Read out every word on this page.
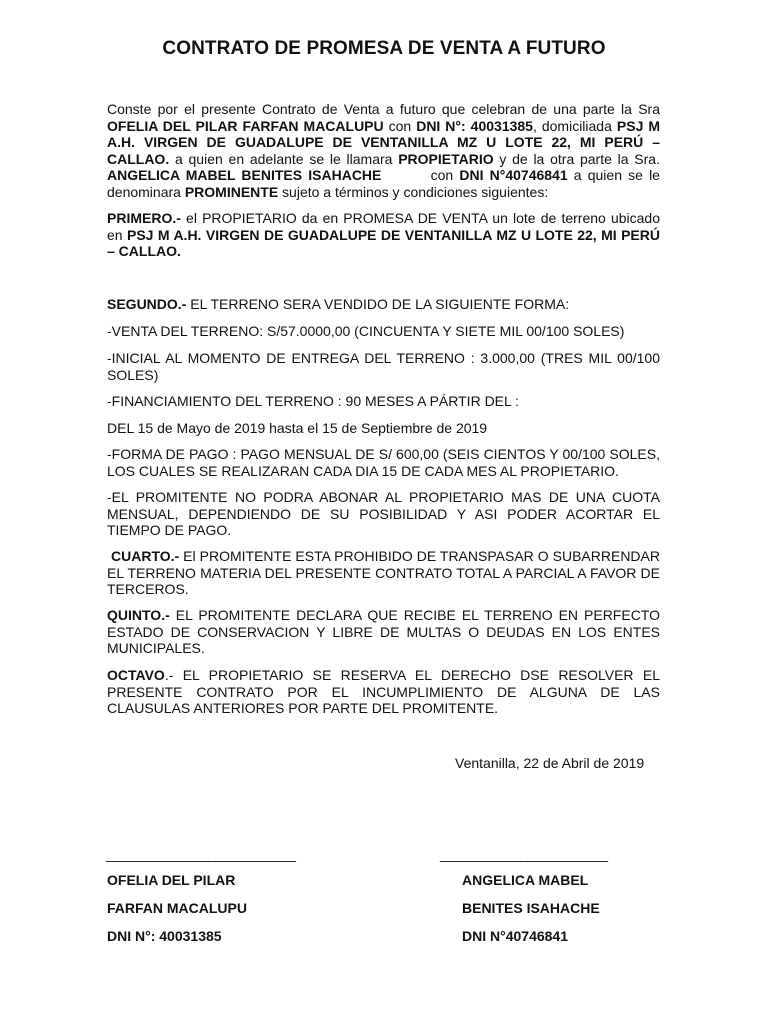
CONTRATO DE PROMESA DE VENTA A FUTURO

Conste por el presente Contrato de Venta a futuro que celebran de una parte la Sra OFELIA DEL PILAR FARFAN MACALUPU con DNI N°: 40031385, domiciliada PSJ M A.H. VIRGEN DE GUADALUPE DE VENTANILLA MZ U LOTE 22, MI PERÚ – CALLAO. a quien en adelante se le llamara PROPIETARIO y de la otra parte la Sra. ANGELICA MABEL BENITES ISAHACHE        con DNI N°40746841 a quien se le denominara PROMINENTE sujeto a términos y condiciones siguientes:

PRIMERO.- el PROPIETARIO da en PROMESA DE VENTA un lote de terreno ubicado en PSJ M A.H. VIRGEN DE GUADALUPE DE VENTANILLA MZ U LOTE 22, MI PERÚ – CALLAO.

SEGUNDO.- EL TERRENO SERA VENDIDO DE LA SIGUIENTE FORMA:

-VENTA DEL TERRENO: S/57.0000,00 (CINCUENTA Y SIETE MIL 00/100 SOLES)

-INICIAL AL MOMENTO DE ENTREGA DEL TERRENO : 3.000,00 (TRES MIL 00/100 SOLES)

-FINANCIAMIENTO DEL TERRENO : 90 MESES A PÁRTIR DEL :

DEL 15 de Mayo de 2019 hasta el 15 de Septiembre de 2019

-FORMA DE PAGO : PAGO MENSUAL DE S/ 600,00 (SEIS CIENTOS Y 00/100 SOLES, LOS CUALES SE REALIZARAN CADA DIA 15 DE CADA MES AL PROPIETARIO.

-EL PROMITENTE NO PODRA ABONAR AL PROPIETARIO MAS DE UNA CUOTA MENSUAL, DEPENDIENDO DE SU POSIBILIDAD Y ASI PODER ACORTAR EL TIEMPO DE PAGO.

CUARTO.- El PROMITENTE ESTA PROHIBIDO DE TRANSPASAR O SUBARRENDAR EL TERRENO MATERIA DEL PRESENTE CONTRATO TOTAL A PARCIAL A FAVOR DE TERCEROS.

QUINTO.- EL PROMITENTE DECLARA QUE RECIBE EL TERRENO EN PERFECTO ESTADO DE CONSERVACION Y LIBRE DE MULTAS O DEUDAS EN LOS ENTES MUNICIPALES.

OCTAVO.- EL PROPIETARIO SE RESERVA EL DERECHO DSE RESOLVER EL PRESENTE CONTRATO POR EL INCUMPLIMIENTO DE ALGUNA DE LAS CLAUSULAS ANTERIORES POR PARTE DEL PROMITENTE.

Ventanilla, 22 de Abril de 2019
__________________________	_______________________
OFELIA DEL PILAR
FARFAN MACALUPU
DNI N°: 40031385
ANGELICA MABEL
BENITES ISAHACHE
DNI N°40746841
